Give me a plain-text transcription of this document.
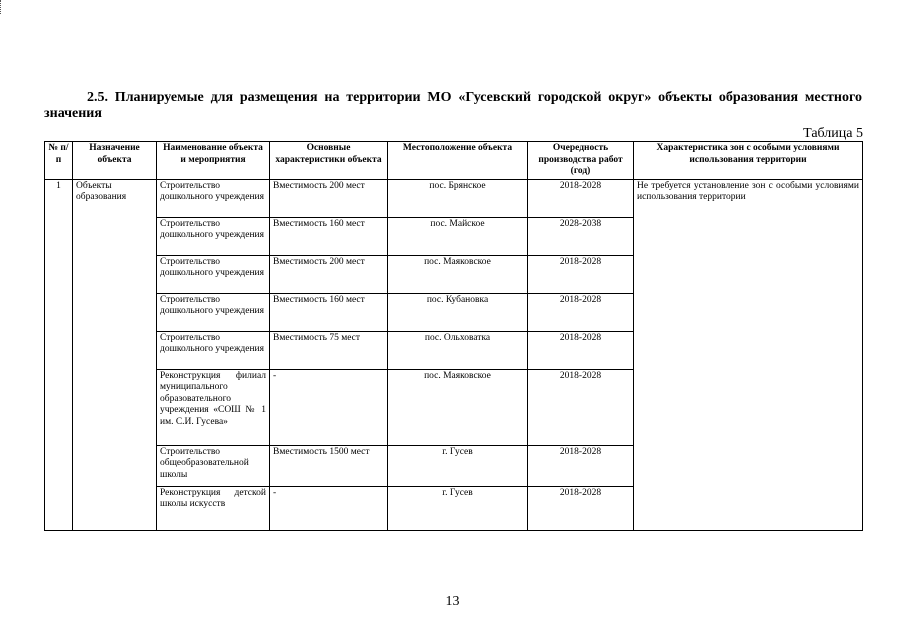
2.5. Планируемые для размещения на территории МО «Гусевский городской округ» объекты образования местного значения
Таблица 5
№ п/п	Назначение объекта	Наименование объекта и мероприятия	Основные характеристики объекта	Местоположение объекта	Очередность производства работ (год)	Характеристика зон с особыми условиями использования территории
1	Объекты образования	Строительство дошкольного учреждения	Вместимость 200 мест	пос. Брянское	2018-2028	Не требуется установление зон с особыми условиями использования территории
		Строительство дошкольного учреждения	Вместимость 160 мест	пос. Майское	2028-2038	
		Строительство дошкольного учреждения	Вместимость 200 мест	пос. Маяковское	2018-2028	
		Строительство дошкольного учреждения	Вместимость 160 мест	пос. Кубановка	2018-2028	
		Строительство дошкольного учреждения	Вместимость 75 мест	пос. Ольховатка	2018-2028	
		Реконструкция филиал муниципального образовательного учреждения «СОШ № 1 им. С.И. Гусева»	-	пос. Маяковское	2018-2028	
		Строительство общеобразовательной школы	Вместимость 1500 мест	г. Гусев	2018-2028	
		Реконструкция детской школы искусств	-	г. Гусев	2018-2028	
13
